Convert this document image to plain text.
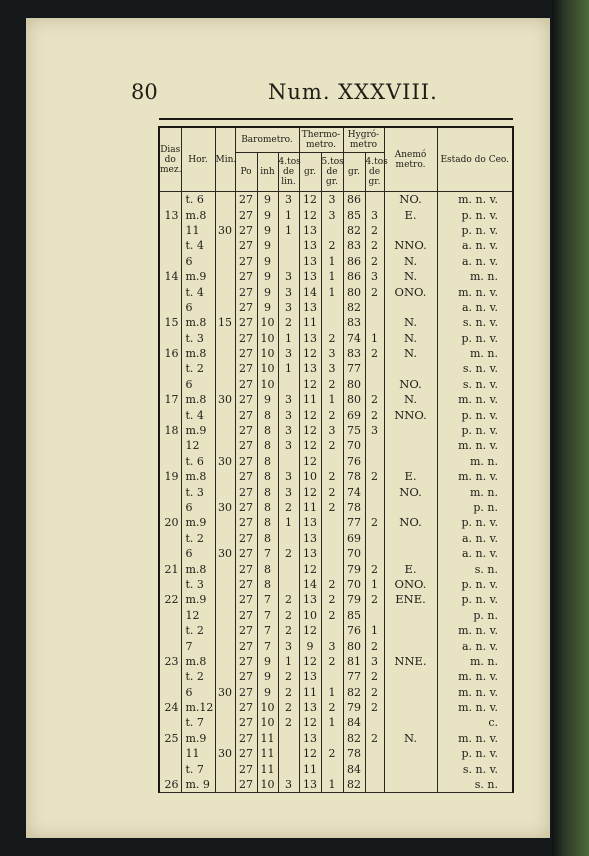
80	Num. XXXVIII.

Dias do mez.	Hor.	Min.	Barometro.			Thermo-metro.		Hygró-metro		Anemó metro.	Estado do Ceo.
			Po	inh	4.tos de lin.	gr.	5.tos de gr.	gr.	4.tos de gr.		
	t. 6		27	9	3	12	3	86		NO.	m. n. v.
13	m.8		27	9	1	12	3	85	3	E.	p. n. v.
	11	30	27	9	1	13		82	2		p. n. v.
	t. 4		27	9		13	2	83	2	NNO.	a. n. v.
	6		27	9		13	1	86	2	N.	a. n. v.
14	m.9		27	9	3	13	1	86	3	N.	m. n.
	t. 4		27	9	3	14	1	80	2	ONO.	m. n. v.
	6		27	9	3	13		82			a. n. v.
15	m.8	15	27	10	2	11		83		N.	s. n. v.
	t. 3		27	10	1	13	2	74	1	N.	p. n. v.
16	m.8		27	10	3	12	3	83	2	N.	m. n.
	t. 2		27	10	1	13	3	77			s. n. v.
	6		27	10		12	2	80		NO.	s. n. v.
17	m.8	30	27	9	3	11	1	80	2	N.	m. n. v.
	t. 4		27	8	3	12	2	69	2	NNO.	p. n. v.
18	m.9		27	8	3	12	3	75	3		p. n. v.
	12		27	8	3	12	2	70			m. n. v.
	t. 6	30	27	8		12		76			m. n.
19	m.8		27	8	3	10	2	78	2	E.	m. n. v.
	t. 3		27	8	3	12	2	74		NO.	m. n.
	6	30	27	8	2	11	2	78			p. n.
20	m.9		27	8	1	13		77	2	NO.	p. n. v.
	t. 2		27	8		13		69			a. n. v.
	6	30	27	7	2	13		70			a. n. v.
21	m.8		27	8		12		79	2	E.	s. n.
	t. 3		27	8		14	2	70	1	ONO.	p. n. v.
22	m.9		27	7	2	13	2	79	2	ENE.	p. n. v.
	12		27	7	2	10	2	85			p. n.
	t. 2		27	7	2	12		76	1		m. n. v.
	7		27	7	3	9	3	80	2		a. n. v.
23	m.8		27	9	1	12	2	81	3	NNE.	m. n.
	t. 2		27	9	2	13		77	2		m. n. v.
	6	30	27	9	2	11	1	82	2		m. n. v.
24	m.12		27	10	2	13	2	79	2		m. n. v.
	t. 7		27	10	2	12	1	84			c.
25	m.9		27	11		13		82	2	N.	m. n. v.
	11	30	27	11		12	2	78			p. n. v.
	t. 7		27	11		11		84			s. n. v.
26	m. 9		27	10	3	13	1	82			s. n.
